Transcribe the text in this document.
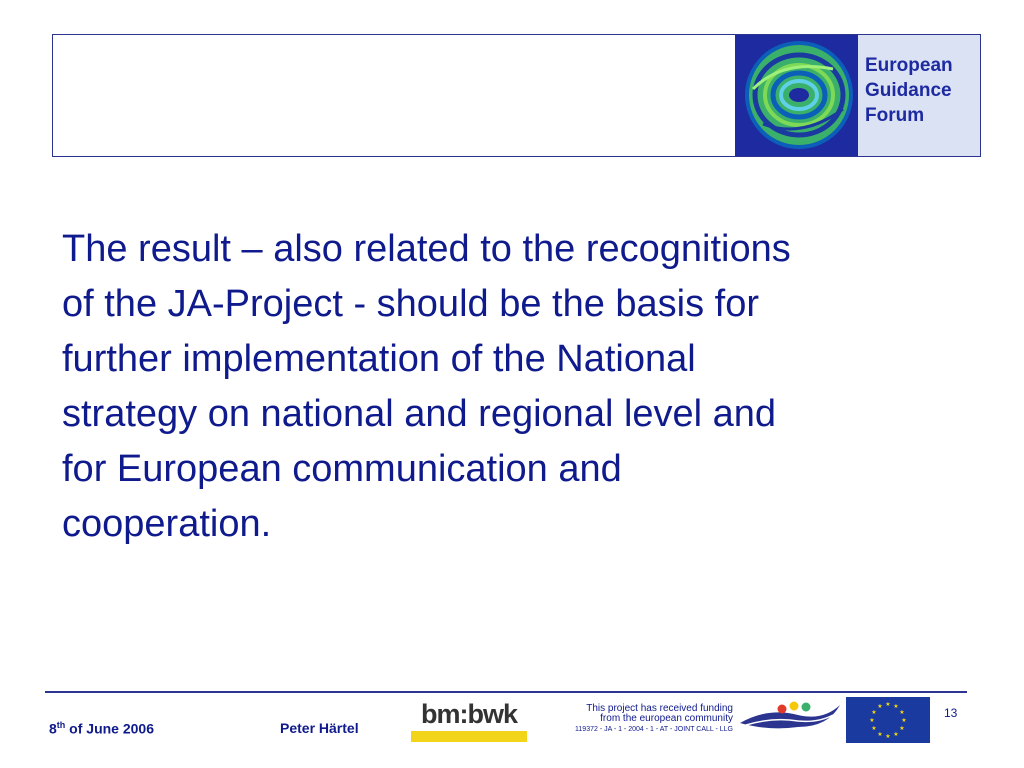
European
Guidance
Forum
The result – also related to the recognitions
of the JA-Project - should be the basis for
further implementation of the National
strategy on national and regional level and
for European communication and
cooperation.
8th of June 2006	Peter Härtel	bm:bwk	This project has received funding
from the european community
119372 - JA - 1 - 2004 - 1 - AT - JOINT CALL - LLG
★ ★
★
★
★
★
★
★
★
★
★
★	13
